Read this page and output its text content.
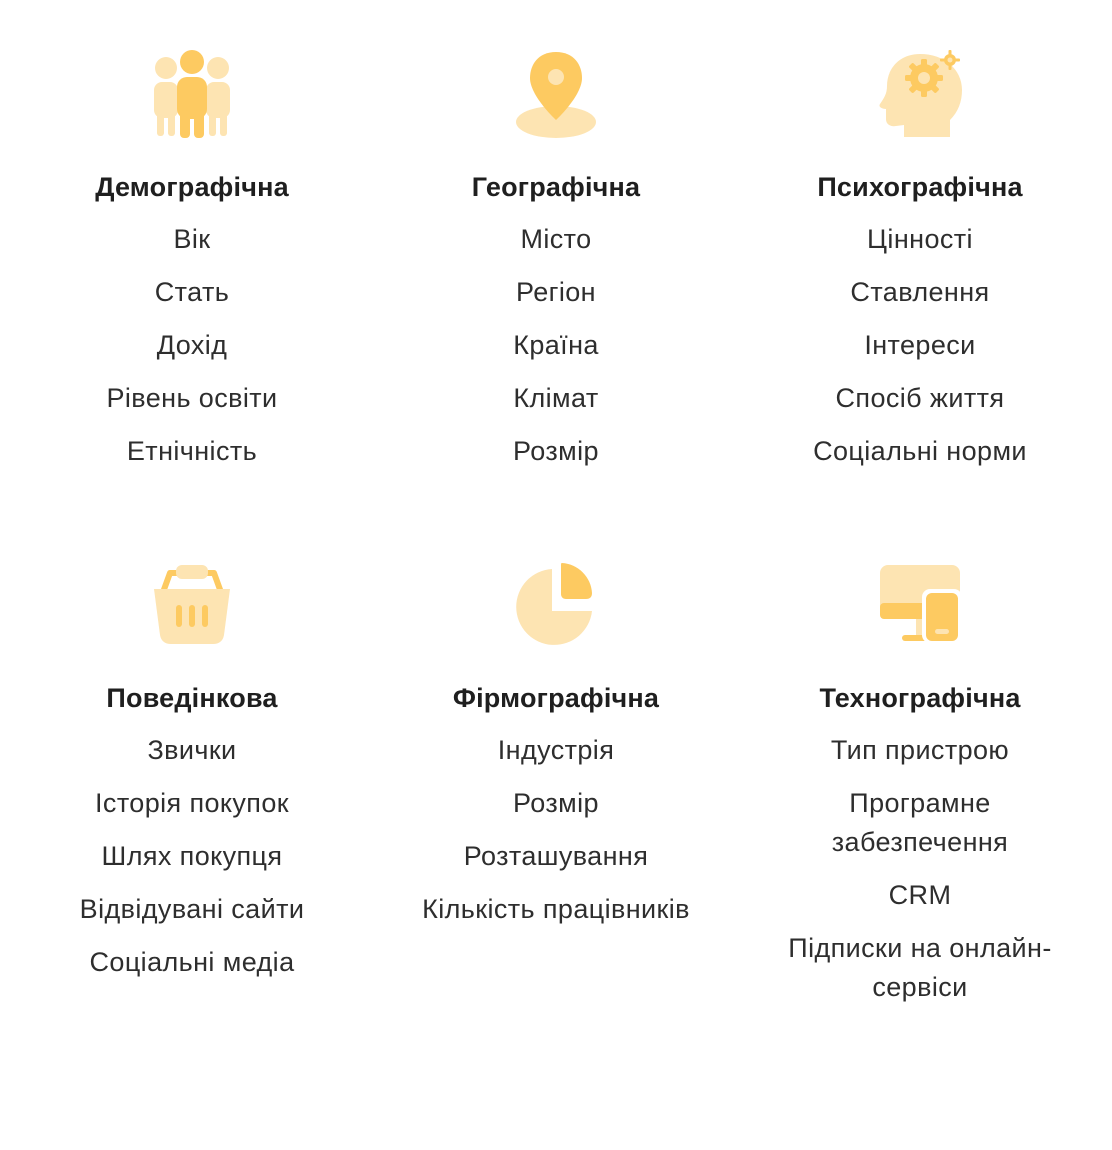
Демографічна
Вік
Стать
Дохід
Рівень освіти
Етнічність
Географічна
Місто
Регіон
Країна
Клімат
Розмір
Психографічна
Цінності
Ставлення
Інтереси
Спосіб життя
Соціальні норми
Поведінкова
Звички
Історія покупок
Шлях покупця
Відвідувані сайти
Соціальні медіа
Фірмографічна
Індустрія
Розмір
Розташування
Кількість працівників
Технографічна
Тип пристрою
Програмне забезпечення
CRM
Підписки на онлайн-сервіси
